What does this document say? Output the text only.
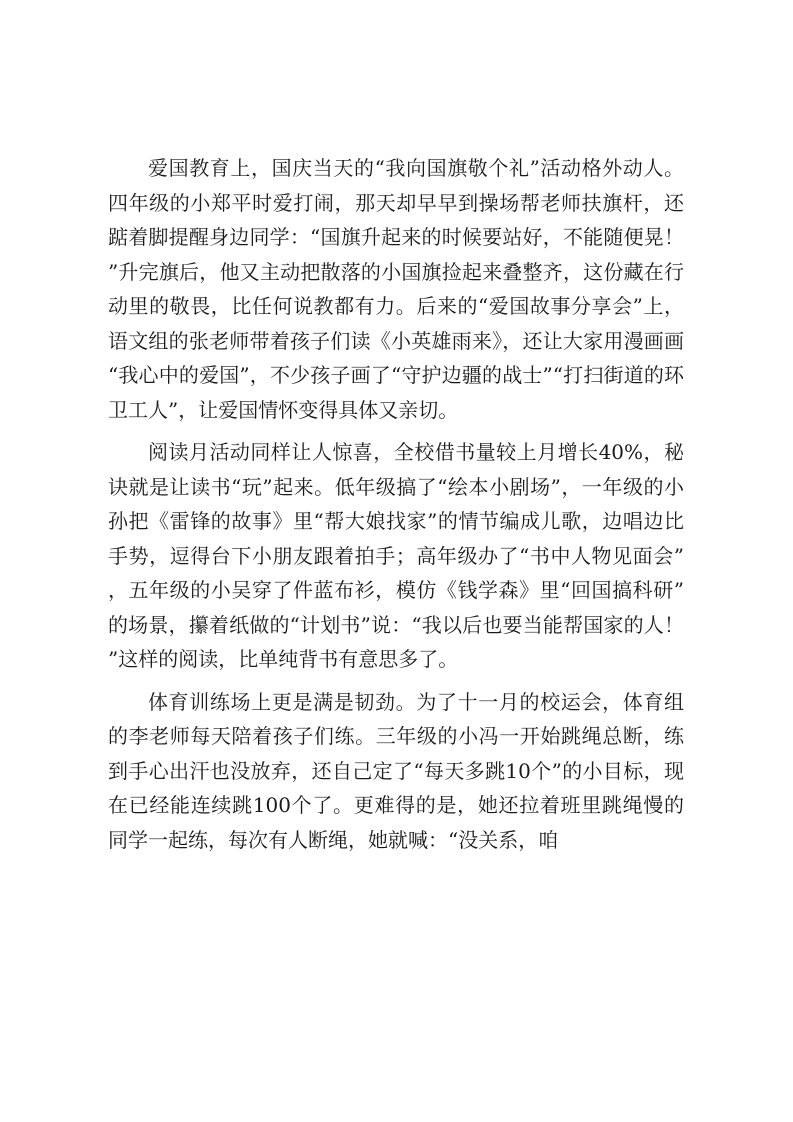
爱国教育上，国庆当天的“我向国旗敬个礼”活动格外动人。四年级的小郑平时爱打闹，那天却早早到操场帮老师扶旗杆，还踮着脚提醒身边同学：“国旗升起来的时候要站好，不能随便晃！”升完旗后，他又主动把散落的小国旗捡起来叠整齐，这份藏在行动里的敬畏，比任何说教都有力。后来的“爱国故事分享会”上，语文组的张老师带着孩子们读《小英雄雨来》，还让大家用漫画画“我心中的爱国”，不少孩子画了“守护边疆的战士”“打扫街道的环卫工人”，让爱国情怀变得具体又亲切。

阅读月活动同样让人惊喜，全校借书量较上月增长40%，秘诀就是让读书“玩”起来。低年级搞了“绘本小剧场”，一年级的小孙把《雷锋的故事》里“帮大娘找家”的情节编成儿歌，边唱边比手势，逗得台下小朋友跟着拍手；高年级办了“书中人物见面会”，五年级的小吴穿了件蓝布衫，模仿《钱学森》里“回国搞科研”的场景，攥着纸做的“计划书”说：“我以后也要当能帮国家的人！”这样的阅读，比单纯背书有意思多了。

体育训练场上更是满是韧劲。为了十一月的校运会，体育组的李老师每天陪着孩子们练。三年级的小冯一开始跳绳总断，练到手心出汗也没放弃，还自己定了“每天多跳10个”的小目标，现在已经能连续跳100个了。更难得的是，她还拉着班里跳绳慢的同学一起练，每次有人断绳，她就喊：“没关系，咱
